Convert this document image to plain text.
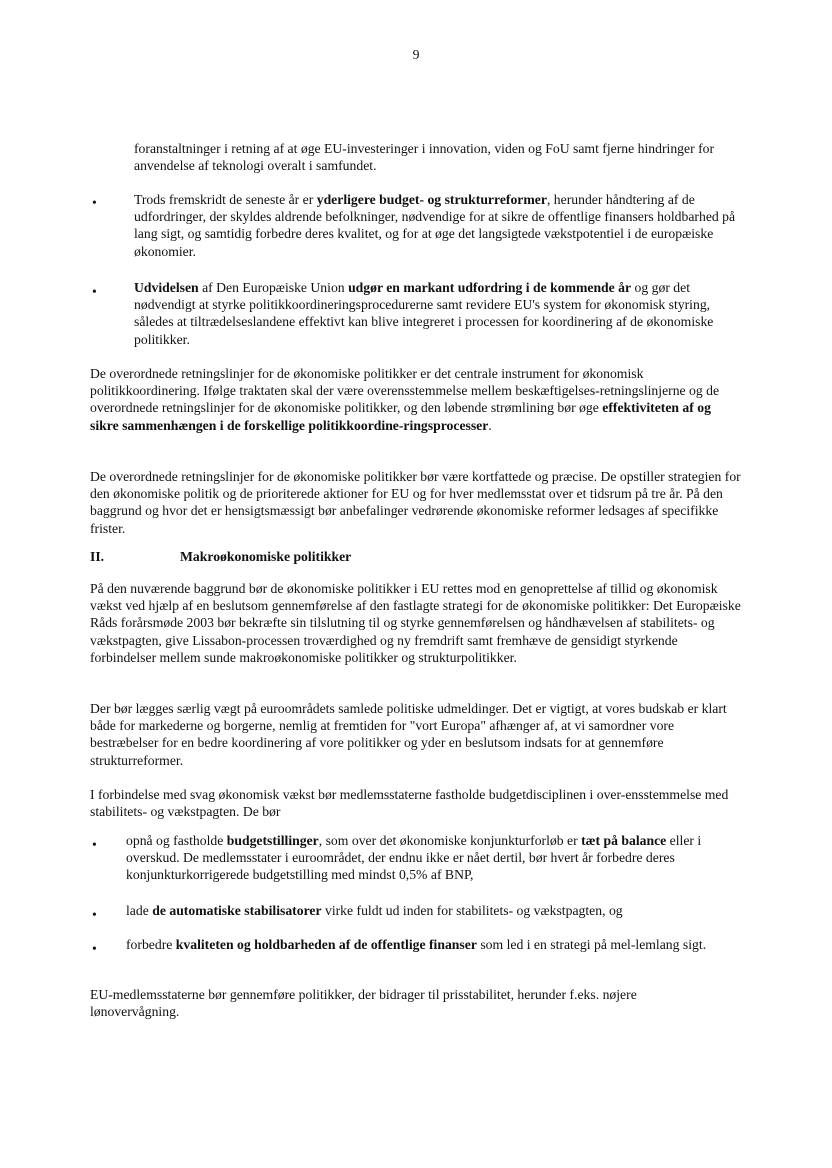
9

foranstaltninger i retning af at øge EU-investeringer i innovation, viden og FoU samt fjerne hindringer for anvendelse af teknologi overalt i samfundet.

•	Trods fremskridt de seneste år er yderligere budget- og strukturreformer, herunder håndtering af de udfordringer, der skyldes aldrende befolkninger, nødvendige for at sikre de offentlige finansers holdbarhed på lang sigt, og samtidig forbedre deres kvalitet, og for at øge det langsigtede vækstpotentiel i de europæiske økonomier.

•	Udvidelsen af Den Europæiske Union udgør en markant udfordring i de kommende år og gør det nødvendigt at styrke politikkoordineringsprocedurerne samt revidere EU's system for økonomisk styring, således at tiltrædelseslandene effektivt kan blive integreret i processen for koordinering af de økonomiske politikker.

De overordnede retningslinjer for de økonomiske politikker er det centrale instrument for økonomisk politikkoordinering. Ifølge traktaten skal der være overensstemmelse mellem beskæftigelses-retningslinjerne og de overordnede retningslinjer for de økonomiske politikker, og den løbende strømlining bør øge effektiviteten af og sikre sammenhængen i de forskellige politikkoordine-ringsprocesser.

De overordnede retningslinjer for de økonomiske politikker bør være kortfattede og præcise. De opstiller strategien for den økonomiske politik og de prioriterede aktioner for EU og for hver medlemsstat over et tidsrum på tre år. På den baggrund og hvor det er hensigtsmæssigt bør anbefalinger vedrørende økonomiske reformer ledsages af specifikke frister.

II.	Makroøkonomiske politikker

På den nuværende baggrund bør de økonomiske politikker i EU rettes mod en genoprettelse af tillid og økonomisk vækst ved hjælp af en beslutsom gennemførelse af den fastlagte strategi for de økonomiske politikker: Det Europæiske Råds forårsmøde 2003 bør bekræfte sin tilslutning til og styrke gennemførelsen og håndhævelsen af stabilitets- og vækstpagten, give Lissabon-processen troværdighed og ny fremdrift samt fremhæve de gensidigt styrkende forbindelser mellem sunde makroøkonomiske politikker og strukturpolitikker.

Der bør lægges særlig vægt på euroområdets samlede politiske udmeldinger. Det er vigtigt, at vores budskab er klart både for markederne og borgerne, nemlig at fremtiden for "vort Europa" afhænger af, at vi samordner vore bestræbelser for en bedre koordinering af vore politikker og yder en beslutsom indsats for at gennemføre strukturreformer.

I forbindelse med svag økonomisk vækst bør medlemsstaterne fastholde budgetdisciplinen i over-ensstemmelse med stabilitets- og vækstpagten. De bør

• opnå og fastholde budgetstillinger, som over det økonomiske konjunkturforløb er tæt på balance eller i overskud. De medlemsstater i euroområdet, der endnu ikke er nået dertil, bør hvert år forbedre deres konjunkturkorrigerede budgetstilling med mindst 0,5% af BNP,

• lade de automatiske stabilisatorer virke fuldt ud inden for stabilitets- og vækstpagten, og

• forbedre kvaliteten og holdbarheden af de offentlige finanser som led i en strategi på mel-lemlang sigt.

EU-medlemsstaterne bør gennemføre politikker, der bidrager til prisstabilitet, herunder f.eks. nøjere lønovervågning.
